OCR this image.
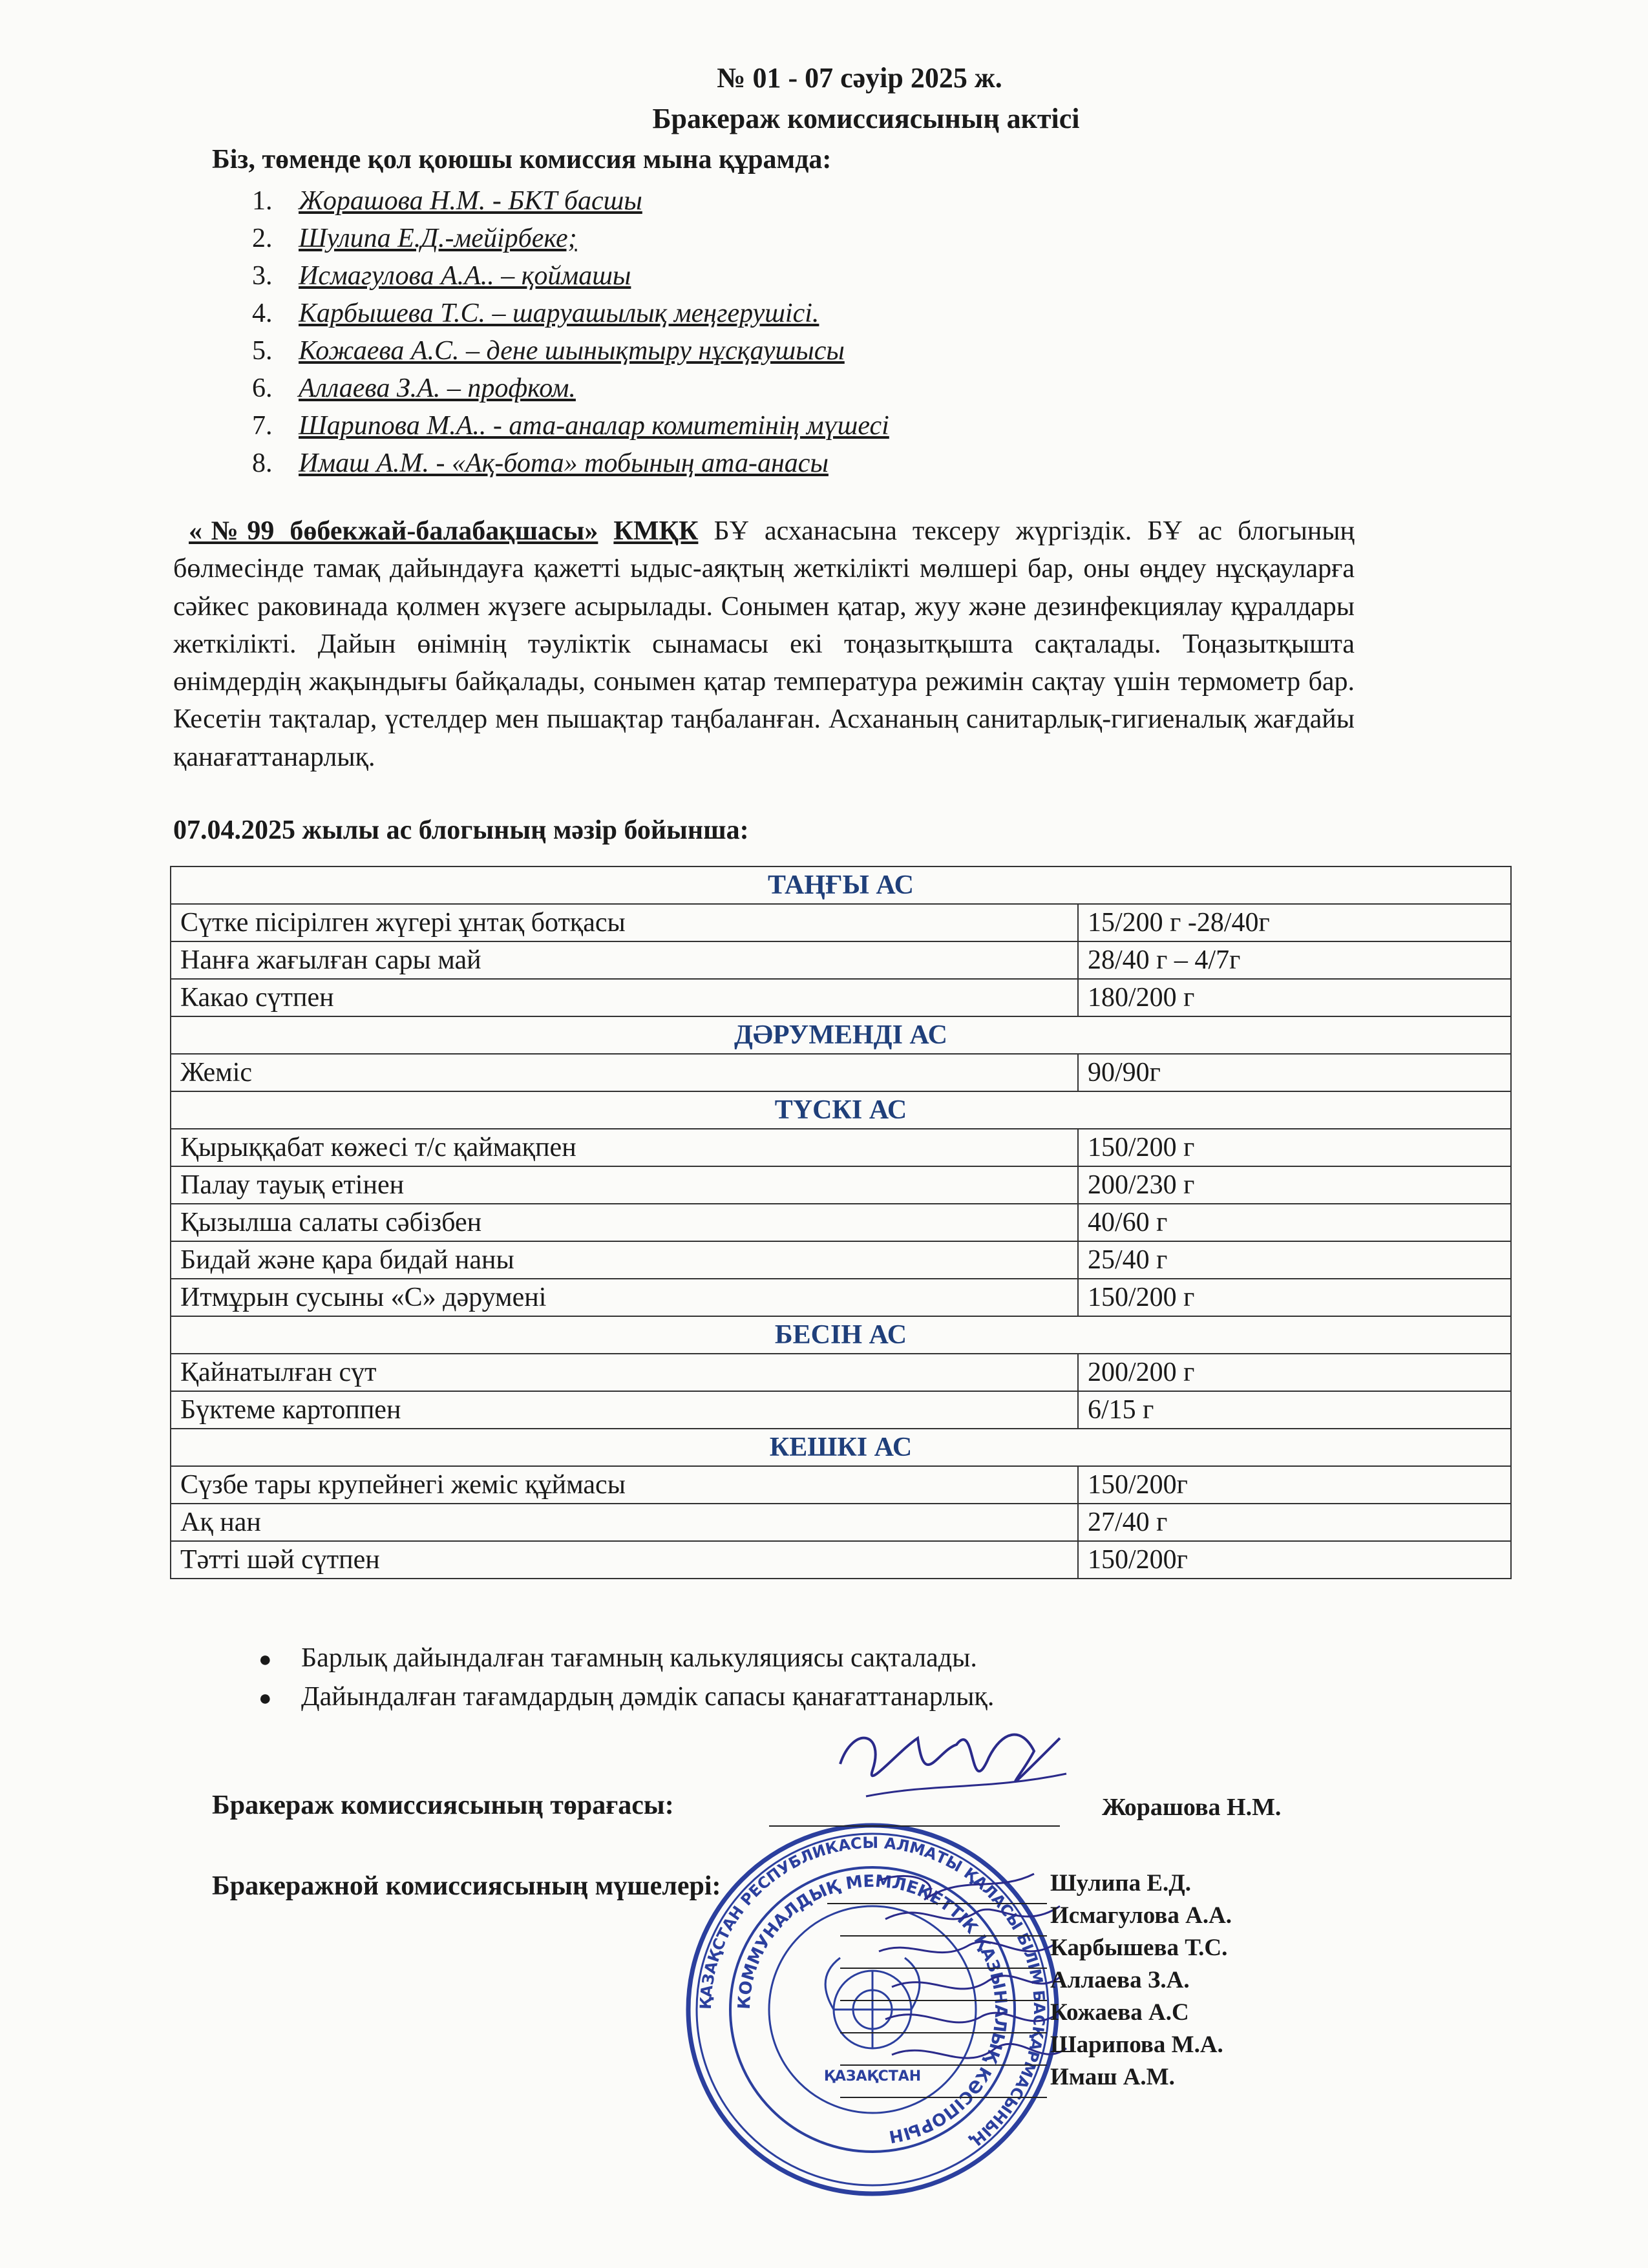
№ 01 - 07 сәуір 2025 ж.
Бракераж комиссиясының актісі
Біз, төменде қол қоюшы комиссия мына құрамда:
1. Жорашова Н.М. - БКТ басшы
2. Шулипа Е.Д.-мейірбеке;
3. Исмагулова А.А.. – қоймашы
4. Карбышева Т.С. – шаруашылық меңгерушісі.
5. Кожаева А.С. – дене шынықтыру нұсқаушысы
6. Аллаева З.А. – профком.
7. Шарипова М.А.. - ата-аналар комитетінің мүшесі
8. Имаш А.М. - «Ақ-бота» тобының ата-анасы
«№99 бөбекжай-балабақшасы» КМҚК БҰ асханасына тексеру жүргіздік. БҰ ас блогының бөлмесінде тамақ дайындауға қажетті ыдыс-аяқтың жеткілікті мөлшері бар, оны өңдеу нұсқауларға сәйкес раковинада қолмен жүзеге асырылады. Сонымен қатар, жуу және дезинфекциялау құралдары жеткілікті. Дайын өнімнің тәуліктік сынамасы екі тоңазытқышта сақталады. Тоңазытқышта өнімдердің жақындығы байқалады, сонымен қатар температура режимін сақтау үшін термометр бар. Кесетін тақталар, үстелдер мен пышақтар таңбаланған. Асхананың санитарлық-гигиеналық жағдайы қанағаттанарлық.
07.04.2025 жылы ас блогының мәзір бойынша:
ТАҢҒЫ АС	
Сүтке пісірілген жүгері ұнтақ ботқасы	15/200 г -28/40г
Нанға жағылған сары май	28/40 г – 4/7г
Какао сүтпен	180/200 г
ДӘРУМЕНДІ АС	
Жеміс	90/90г
ТҮСКІ АС	
Қырыққабат көжесі т/с қаймақпен	150/200 г
Палау тауық етінен	200/230 г
Қызылша салаты сәбізбен	40/60 г
Бидай және қара бидай наны	25/40 г
Итмұрын сусыны «С» дәрумені	150/200 г
БЕСІН АС	
Қайнатылған сүт	200/200 г
Бүктеме картоппен	6/15 г
КЕШКІ АС	
Сүзбе тары крупейнегі жеміс құймасы	150/200г
Ақ нан	27/40 г
Тәтті шәй сүтпен	150/200г
● Барлық дайындалған тағамның калькуляциясы сақталады.
● Дайындалған тағамдардың дәмдік сапасы қанағаттанарлық.
ҚАЗАҚСТАН РЕСПУБЛИКАСЫ АЛМАТЫ ҚАЛАСЫ БІЛІМ БАСҚАРМАСЫНЫҢ
КОММУНАЛДЫҚ МЕМЛЕКЕТТІК ҚАЗЫНАЛЫҚ КӘСІПОРЫН
ҚАЗАҚСТАН
Бракераж комиссиясының төрағасы:	Жорашова Н.М.
Бракеражной комиссиясының мүшелері:	Шулипа Е.Д.
Исмагулова А.А.
Карбышева Т.С.
Аллаева З.А.
Кожаева А.С
Шарипова М.А.
Имаш А.М.
